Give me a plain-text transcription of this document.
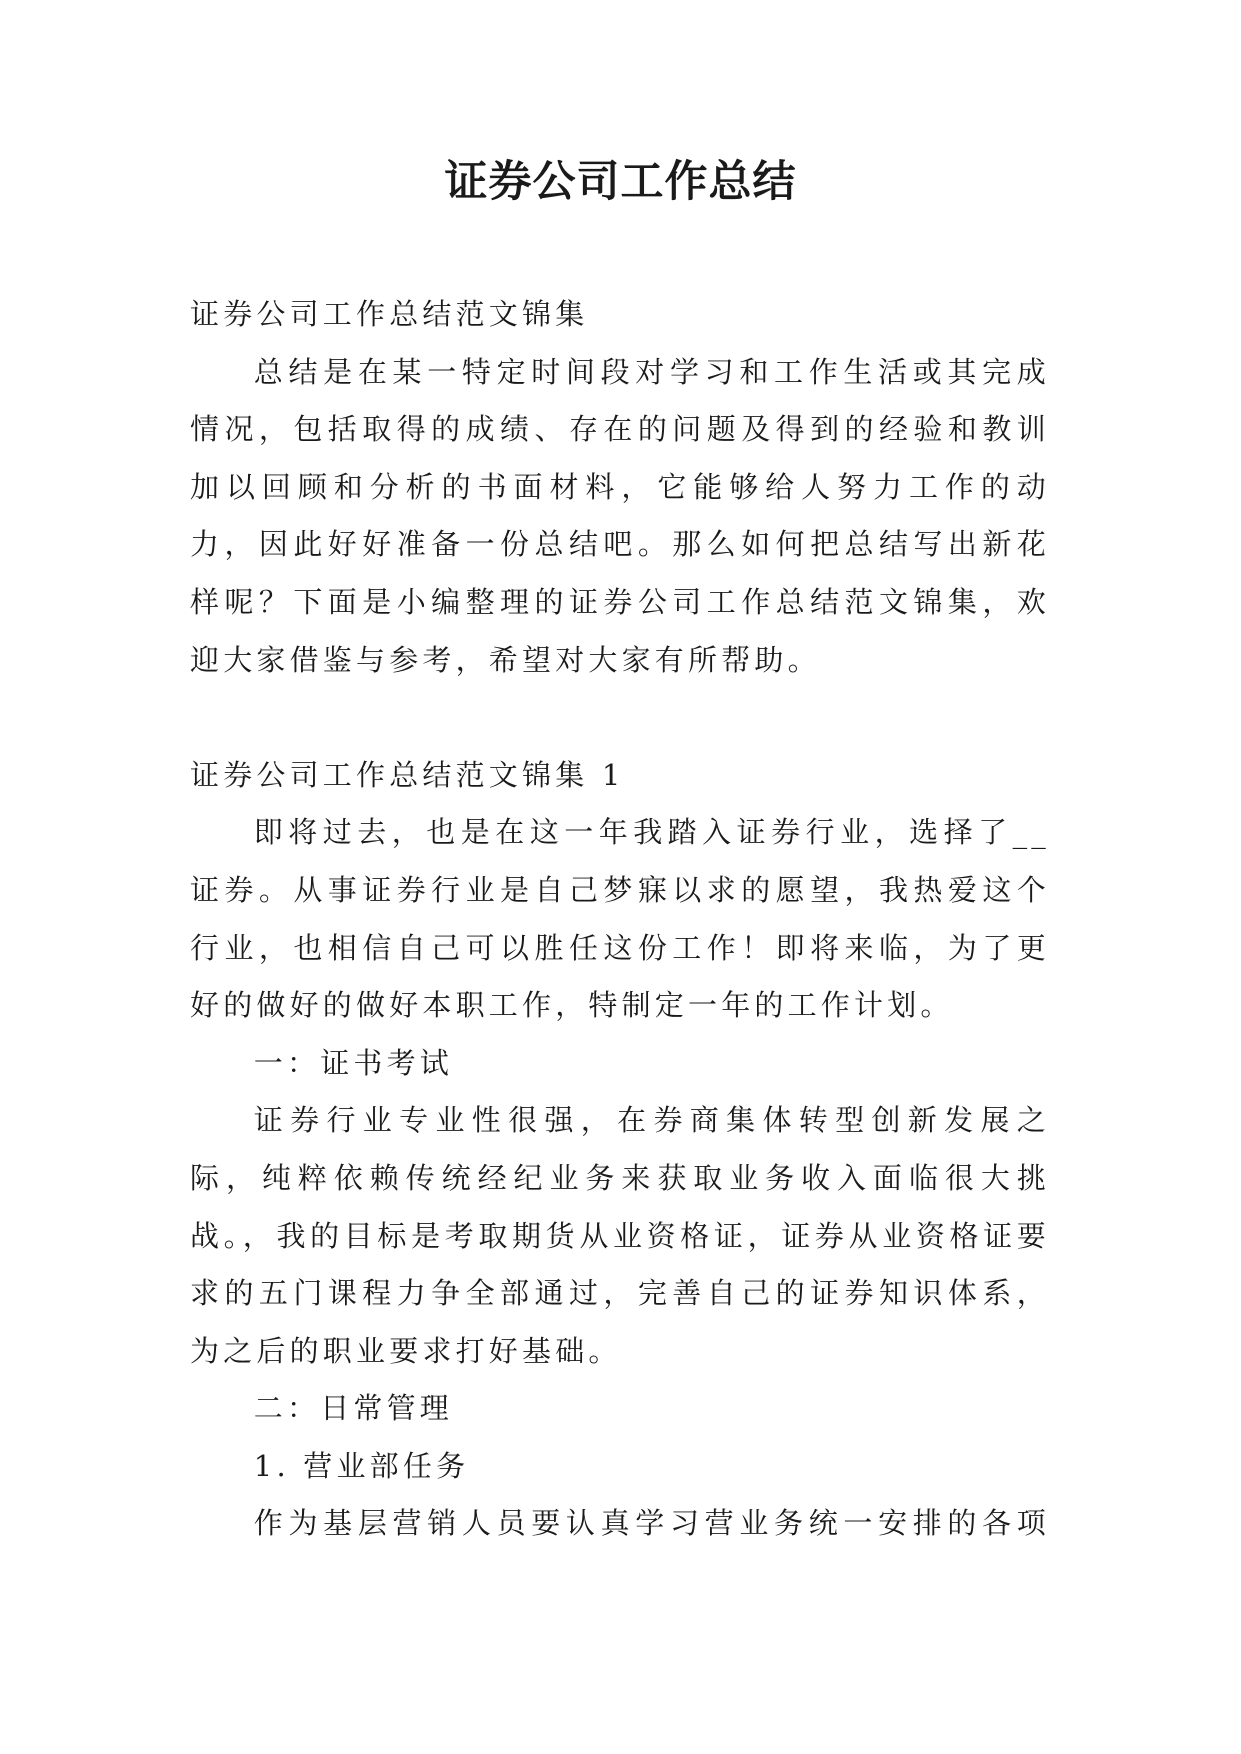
证券公司工作总结

证券公司工作总结范文锦集

总结是在某一特定时间段对学习和工作生活或其完成情况，包括取得的成绩、存在的问题及得到的经验和教训加以回顾和分析的书面材料，它能够给人努力工作的动力，因此好好准备一份总结吧。那么如何把总结写出新花样呢？下面是小编整理的证券公司工作总结范文锦集，欢迎大家借鉴与参考，希望对大家有所帮助。

证券公司工作总结范文锦集 1

即将过去，也是在这一年我踏入证券行业，选择了__证券。从事证券行业是自己梦寐以求的愿望，我热爱这个行业，也相信自己可以胜任这份工作！即将来临，为了更好的做好的做好本职工作，特制定一年的工作计划。

一：证书考试

证券行业专业性很强，在券商集体转型创新发展之际，纯粹依赖传统经纪业务来获取业务收入面临很大挑战。，我的目标是考取期货从业资格证，证券从业资格证要求的五门课程力争全部通过，完善自己的证券知识体系，为之后的职业要求打好基础。

二：日常管理

1. 营业部任务

作为基层营销人员要认真学习营业务统一安排的各项
